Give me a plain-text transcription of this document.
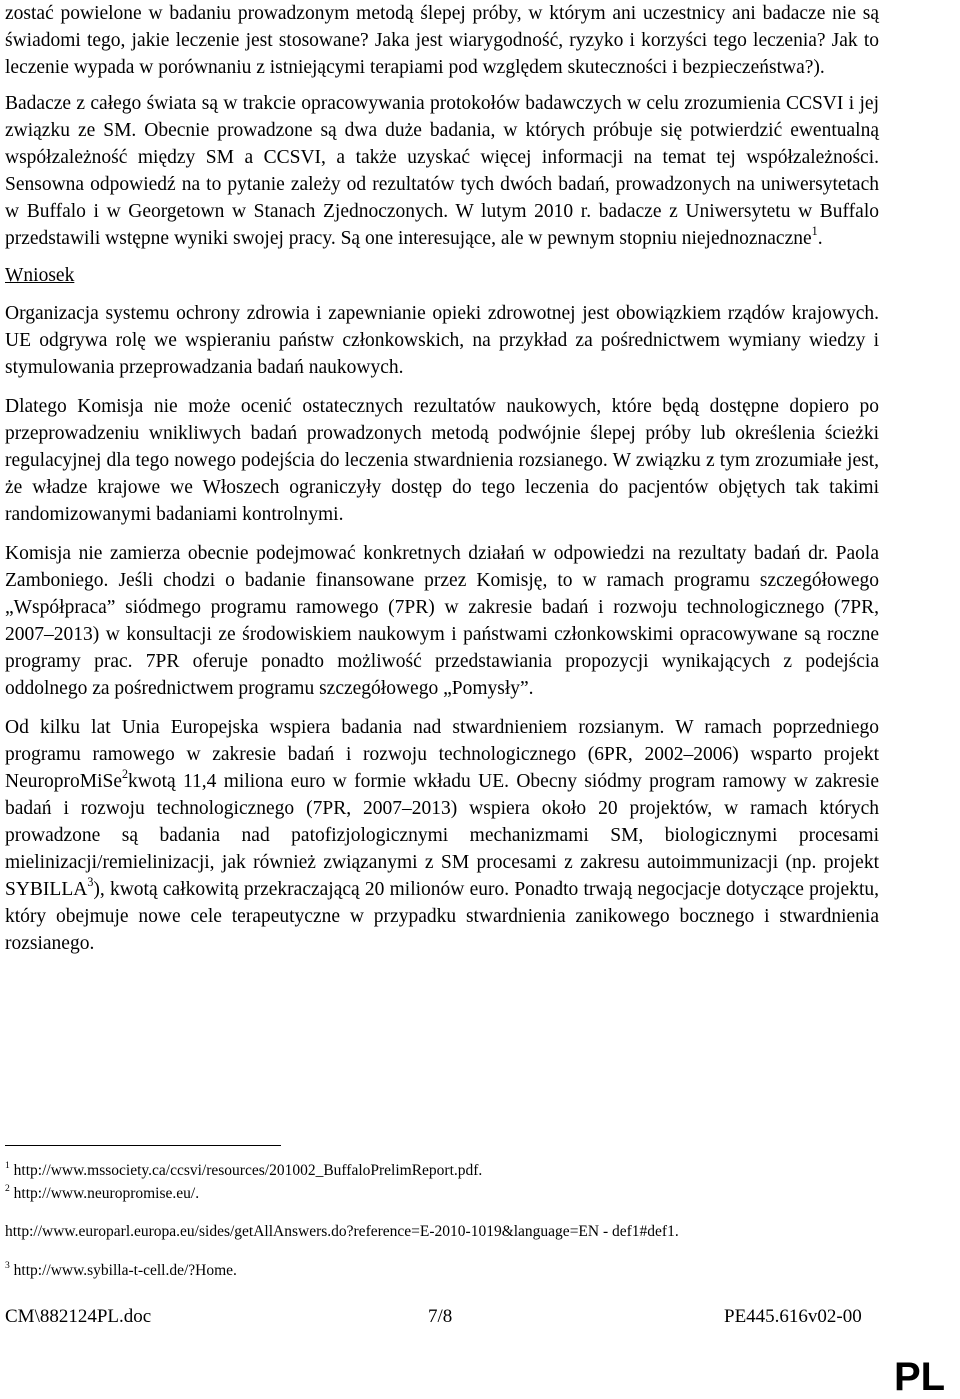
zostać powielone w badaniu prowadzonym metodą ślepej próby, w którym ani uczestnicy ani badacze nie są świadomi tego, jakie leczenie jest stosowane? Jaka jest wiarygodność, ryzyko i korzyści tego leczenia? Jak to leczenie wypada w porównaniu z istniejącymi terapiami pod względem skuteczności i bezpieczeństwa?).

Badacze z całego świata są w trakcie opracowywania protokołów badawczych w celu zrozumienia CCSVI i jej związku ze SM. Obecnie prowadzone są dwa duże badania, w których próbuje się potwierdzić ewentualną współzależność między SM a CCSVI, a także uzyskać więcej informacji na temat tej współzależności. Sensowna odpowiedź na to pytanie zależy od rezultatów tych dwóch badań, prowadzonych na uniwersytetach w Buffalo i w Georgetown w Stanach Zjednoczonych. W lutym 2010 r. badacze z Uniwersytetu w Buffalo przedstawili wstępne wyniki swojej pracy. Są one interesujące, ale w pewnym stopniu niejednoznaczne$^1$.

Wniosek

Organizacja systemu ochrony zdrowia i zapewnianie opieki zdrowotnej jest obowiązkiem rządów krajowych. UE odgrywa rolę we wspieraniu państw członkowskich, na przykład za pośrednictwem wymiany wiedzy i stymulowania przeprowadzania badań naukowych.

Dlatego Komisja nie może ocenić ostatecznych rezultatów naukowych, które będą dostępne dopiero po przeprowadzeniu wnikliwych badań prowadzonych metodą podwójnie ślepej próby lub określenia ścieżki regulacyjnej dla tego nowego podejścia do leczenia stwardnienia rozsianego. W związku z tym zrozumiałe jest, że władze krajowe we Włoszech ograniczyły dostęp do tego leczenia do pacjentów objętych tak takimi randomizowanymi badaniami kontrolnymi.

Komisja nie zamierza obecnie podejmować konkretnych działań w odpowiedzi na rezultaty badań dr. Paola Zamboniego. Jeśli chodzi o badanie finansowane przez Komisję, to w ramach programu szczegółowego „Współpraca” siódmego programu ramowego (7PR) w zakresie badań i rozwoju technologicznego (7PR, 2007–2013) w konsultacji ze środowiskiem naukowym i państwami członkowskimi opracowywane są roczne programy prac. 7PR oferuje ponadto możliwość przedstawiania propozycji wynikających z podejścia oddolnego za pośrednictwem programu szczegółowego „Pomysły”.

Od kilku lat Unia Europejska wspiera badania nad stwardnieniem rozsianym. W ramach poprzedniego programu ramowego w zakresie badań i rozwoju technologicznego (6PR, 2002–2006) wsparto projekt NeuroproMiSe$^2$kwotą 11,4 miliona euro w formie wkładu UE. Obecny siódmy program ramowy w zakresie badań i rozwoju technologicznego (7PR, 2007–2013) wspiera około 20 projektów, w ramach których prowadzone są badania nad patofizjologicznymi mechanizmami SM, biologicznymi procesami mielinizacji/remielinizacji, jak również związanymi z SM procesami z zakresu autoimmunizacji (np. projekt SYBILLA$^3$), kwotą całkowitą przekraczającą 20 milionów euro. Ponadto trwają negocjacje dotyczące projektu, który obejmuje nowe cele terapeutyczne w przypadku stwardnienia zanikowego bocznego i stwardnienia rozsianego.

$^1$ http://www.mssociety.ca/ccsvi/resources/201002_BuffaloPrelimReport.pdf.
$^2$ http://www.neuropromise.eu/.
http://www.europarl.europa.eu/sides/getAllAnswers.do?reference=E-2010-1019&language=EN - def1#def1.
$^3$ http://www.sybilla-t-cell.de/?Home.
CM\882124PL.doc	7/8	PE445.616v02-00
PL
